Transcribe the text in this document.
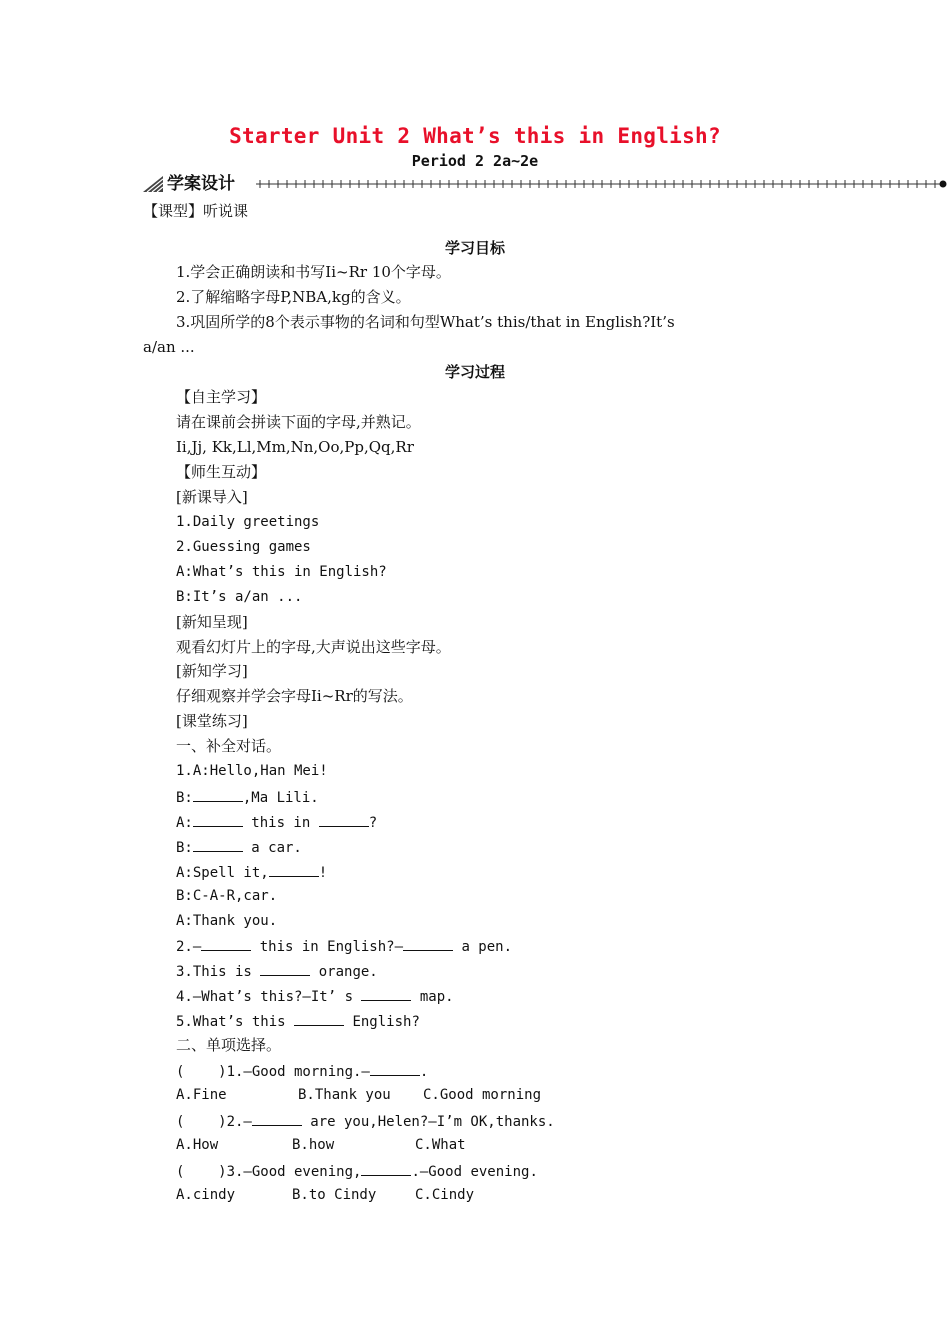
Starter Unit 2 What’s this in English?
Period 2 2a~2e
学案设计
【课型】听说课
学习目标
1.学会正确朗读和书写Ii~Rr 10个字母。
2.了解缩略字母P,NBA,kg的含义。
3.巩固所学的8个表示事物的名词和句型What’s this/that in English?It’s
a/an ...
学习过程
【自主学习】
请在课前会拼读下面的字母,并熟记。
Ii,Jj, Kk,Ll,Mm,Nn,Oo,Pp,Qq,Rr
【师生互动】
[新课导入]
1.Daily greetings
2.Guessing games
A:What’s this in English?
B:It’s a/an ...
[新知呈现]
观看幻灯片上的字母,大声说出这些字母。
[新知学习]
仔细观察并学会字母Ii~Rr的写法。
[课堂练习]
一、补全对话。
1.A:Hello,Han Mei!
B:	,Ma Lili.
A:	this in	?
B:	a car.
A:Spell it,	!
B:C-A-R,car.
A:Thank you.
2.—	this in English?—	a pen.
3.This is	orange.
4.—What’s this?—It’ s	map.
5.What’s this	English?
二、单项选择。
(    )1.—Good morning.—	.
A.Fine	B.Thank you C.Good morning
(    )2.—	are you,Helen?—I’m OK,thanks.
A.How	B.how	C.What
(    )3.—Good evening,	.—Good evening.
A.cindy	B.to Cindy	C.Cindy
